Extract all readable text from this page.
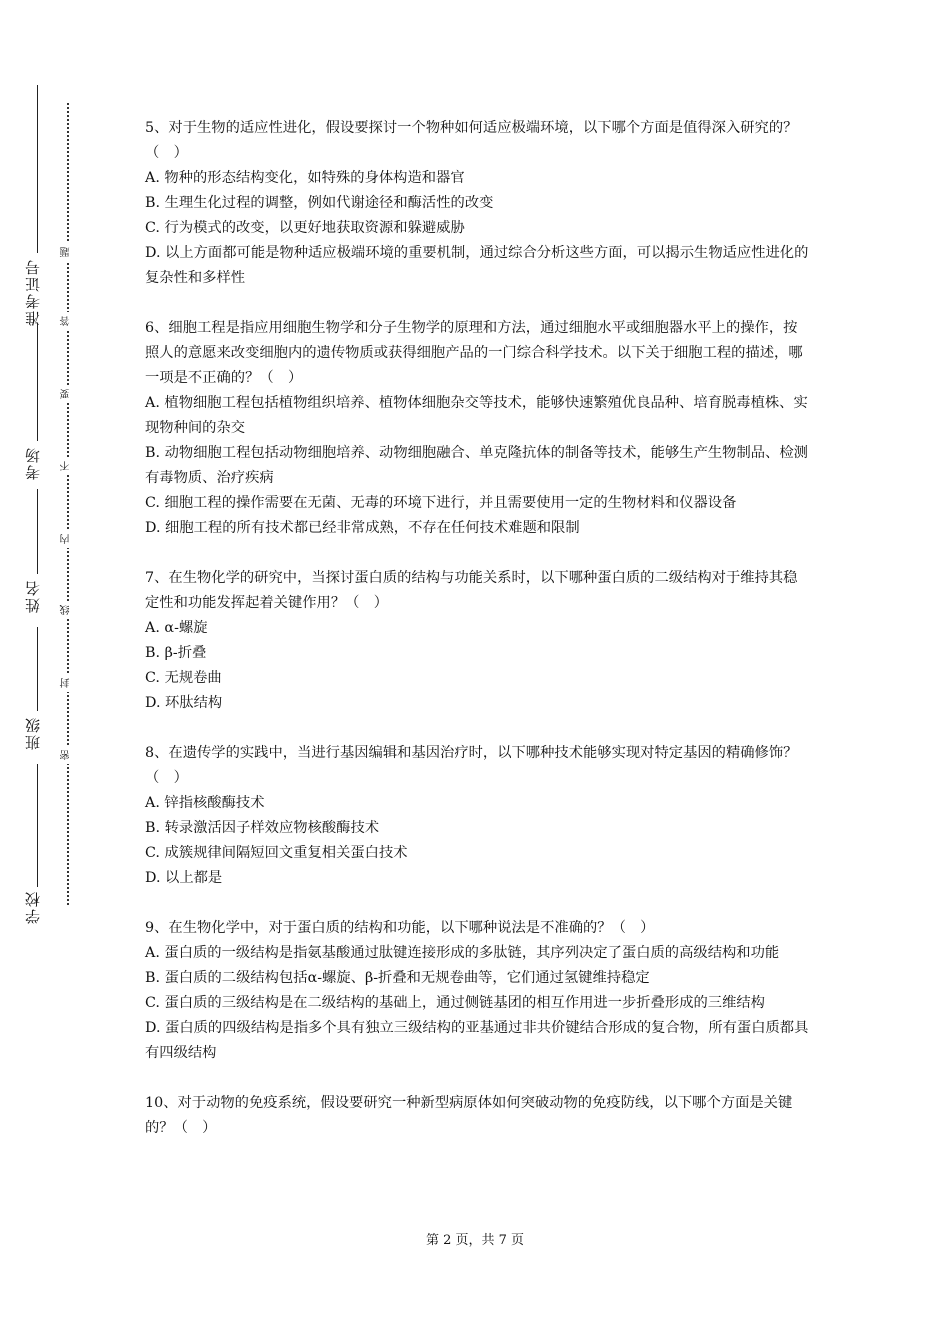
准考证号
考场
姓名
班级
学校
题
答
要
不
内
线
封
密

5、对于生物的适应性进化，假设要探讨一个物种如何适应极端环境，以下哪个方面是值得深入研究的？（　）

A. 物种的形态结构变化，如特殊的身体构造和器官

B. 生理生化过程的调整，例如代谢途径和酶活性的改变

C. 行为模式的改变，以更好地获取资源和躲避威胁

D. 以上方面都可能是物种适应极端环境的重要机制，通过综合分析这些方面，可以揭示生物适应性进化的复杂性和多样性

6、细胞工程是指应用细胞生物学和分子生物学的原理和方法，通过细胞水平或细胞器水平上的操作，按照人的意愿来改变细胞内的遗传物质或获得细胞产品的一门综合科学技术。以下关于细胞工程的描述，哪一项是不正确的？（　）

A. 植物细胞工程包括植物组织培养、植物体细胞杂交等技术，能够快速繁殖优良品种、培育脱毒植株、实现物种间的杂交

B. 动物细胞工程包括动物细胞培养、动物细胞融合、单克隆抗体的制备等技术，能够生产生物制品、检测有毒物质、治疗疾病

C. 细胞工程的操作需要在无菌、无毒的环境下进行，并且需要使用一定的生物材料和仪器设备

D. 细胞工程的所有技术都已经非常成熟，不存在任何技术难题和限制

7、在生物化学的研究中，当探讨蛋白质的结构与功能关系时，以下哪种蛋白质的二级结构对于维持其稳定性和功能发挥起着关键作用？（　）

A. α-螺旋

B. β-折叠

C. 无规卷曲

D. 环肽结构

8、在遗传学的实践中，当进行基因编辑和基因治疗时，以下哪种技术能够实现对特定基因的精确修饰？（　）

A. 锌指核酸酶技术

B. 转录激活因子样效应物核酸酶技术

C. 成簇规律间隔短回文重复相关蛋白技术

D. 以上都是

9、在生物化学中，对于蛋白质的结构和功能，以下哪种说法是不准确的？（　）

A. 蛋白质的一级结构是指氨基酸通过肽键连接形成的多肽链，其序列决定了蛋白质的高级结构和功能

B. 蛋白质的二级结构包括α-螺旋、β-折叠和无规卷曲等，它们通过氢键维持稳定

C. 蛋白质的三级结构是在二级结构的基础上，通过侧链基团的相互作用进一步折叠形成的三维结构

D. 蛋白质的四级结构是指多个具有独立三级结构的亚基通过非共价键结合形成的复合物，所有蛋白质都具有四级结构

10、对于动物的免疫系统，假设要研究一种新型病原体如何突破动物的免疫防线，以下哪个方面是关键的？（　）

第 2 页，共 7 页
